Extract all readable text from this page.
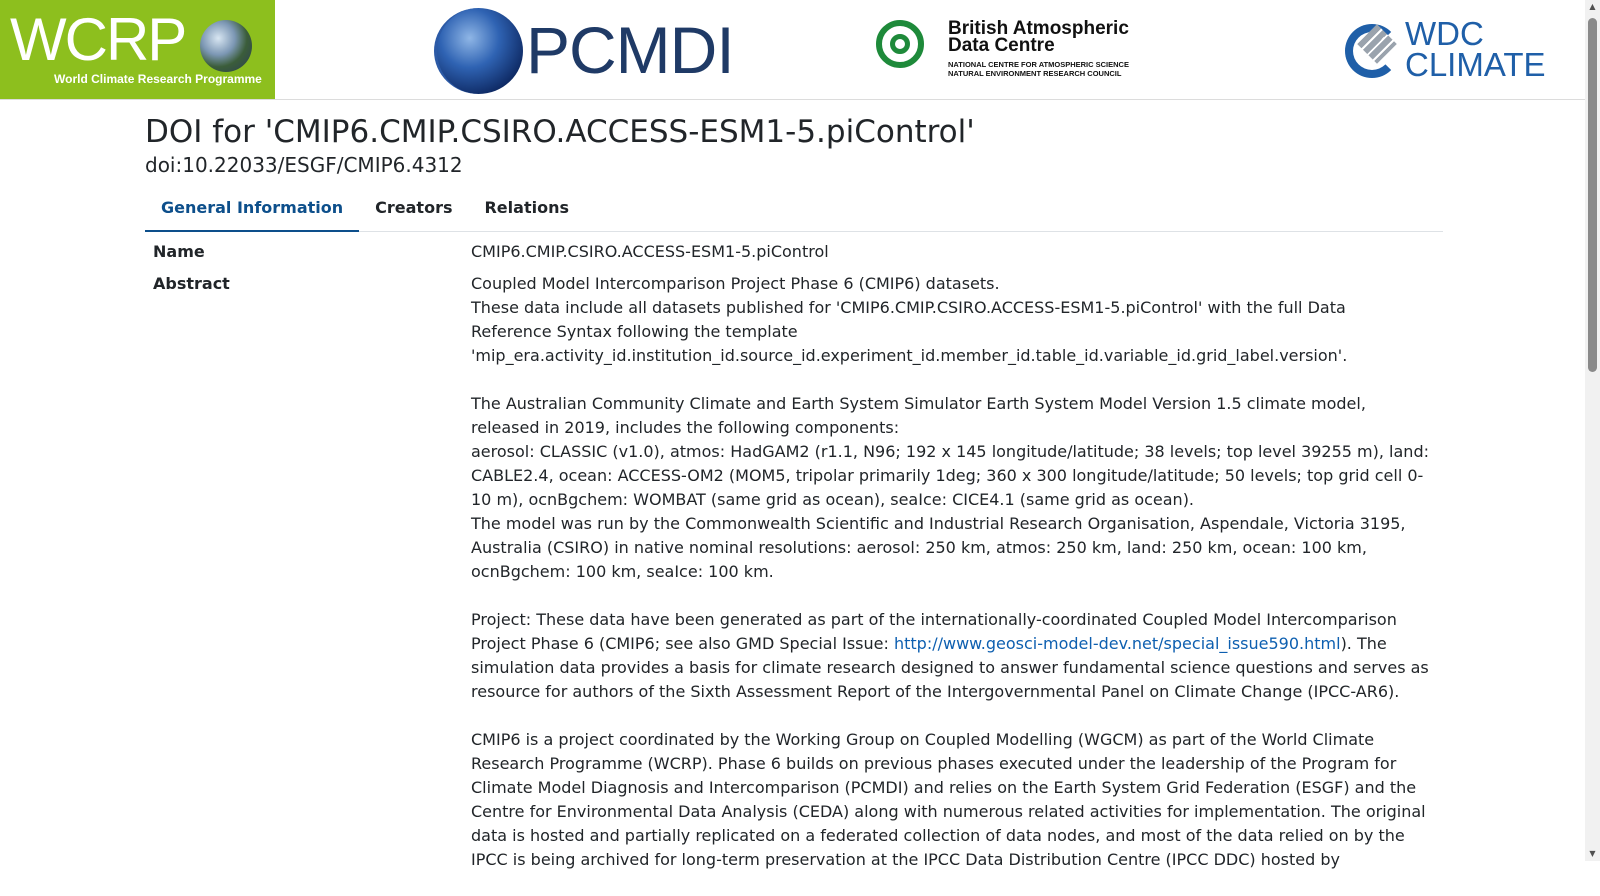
WCRP
World Climate Research Programme	PCMDI	British Atmospheric
Data Centre
NATIONAL CENTRE FOR ATMOSPHERIC SCIENCE
NATURAL ENVIRONMENT RESEARCH COUNCIL
WDC
CLIMATE
▲
▼
DOI for 'CMIP6.CMIP.CSIRO.ACCESS-ESM1-5.piControl'
doi:10.22033/ESGF/CMIP6.4312
General Information	Creators	Relations
Name	CMIP6.CMIP.CSIRO.ACCESS-ESM1-5.piControl
Abstract	Coupled Model Intercomparison Project Phase 6 (CMIP6) datasets.
These data include all datasets published for 'CMIP6.CMIP.CSIRO.ACCESS-ESM1-5.piControl' with the full Data Reference Syntax following the template 'mip_era.activity_id.institution_id.source_id.experiment_id.member_id.table_id.variable_id.grid_label.version'.
The Australian Community Climate and Earth System Simulator Earth System Model Version 1.5 climate model, released in 2019, includes the following components:
aerosol: CLASSIC (v1.0), atmos: HadGAM2 (r1.1, N96; 192 x 145 longitude/latitude; 38 levels; top level 39255 m), land: CABLE2.4, ocean: ACCESS-OM2 (MOM5, tripolar primarily 1deg; 360 x 300 longitude/latitude; 50 levels; top grid cell 0-10 m), ocnBgchem: WOMBAT (same grid as ocean), seaIce: CICE4.1 (same grid as ocean).
The model was run by the Commonwealth Scientific and Industrial Research Organisation, Aspendale, Victoria 3195, Australia (CSIRO) in native nominal resolutions: aerosol: 250 km, atmos: 250 km, land: 250 km, ocean: 100 km, ocnBgchem: 100 km, seaIce: 100 km.
Project: These data have been generated as part of the internationally-coordinated Coupled Model Intercomparison Project Phase 6 (CMIP6; see also GMD Special Issue: http://www.geosci-model-dev.net/special_issue590.html). The simulation data provides a basis for climate research designed to answer fundamental science questions and serves as resource for authors of the Sixth Assessment Report of the Intergovernmental Panel on Climate Change (IPCC-AR6).
CMIP6 is a project coordinated by the Working Group on Coupled Modelling (WGCM) as part of the World Climate Research Programme (WCRP). Phase 6 builds on previous phases executed under the leadership of the Program for Climate Model Diagnosis and Intercomparison (PCMDI) and relies on the Earth System Grid Federation (ESGF) and the Centre for Environmental Data Analysis (CEDA) along with numerous related activities for implementation. The original data is hosted and partially replicated on a federated collection of data nodes, and most of the data relied on by the IPCC is being archived for long-term preservation at the IPCC Data Distribution Centre (IPCC DDC) hosted by
